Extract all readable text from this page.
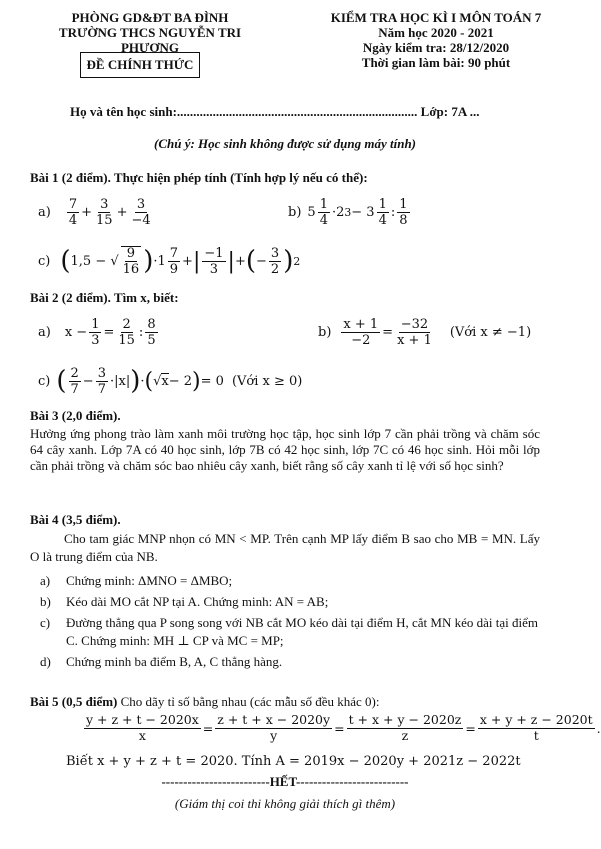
PHÒNG GD&ĐT BA ĐÌNH
TRƯỜNG THCS NGUYỄN TRI PHƯƠNG
ĐỀ CHÍNH THỨC
KIỂM TRA HỌC KÌ I MÔN TOÁN 7
Năm học 2020 - 2021
Ngày kiểm tra: 28/12/2020
Thời gian làm bài: 90 phút
Họ và tên học sinh:.......................................................................... Lớp: 7A ...
(Chú ý: Học sinh không được sử dụng máy tính)
Bài 1 (2 điểm). Thực hiện phép tính (Tính hợp lý nếu có thể):
$a) \frac{7}{4} + \frac{3}{15} + \frac{3}{-4}$	b) $5 \frac{1}{4} \cdot 2$ $3 - 3 \frac{1}{4}$ : $\frac{1}{8}$
c) ( 1,5 − √ $\frac{9}{16}$ ) $\cdot 1 \frac{7}{9}$ + | $\frac{-1}{3}$ | + ( − $\frac{3}{2}$ ) 2
Bài 2 (2 điểm). Tìm x, biết:
a) $x - \frac{1}{3} = \frac{2}{15}$ : $\frac{8}{5}$	$b) \frac{x + 1}{-2} = \frac{-32}{x + 1}$ (Với x ≠ −1)
c) ( $\frac{2}{7} - \frac{3}{7} \cdot|x|$ ) · ( √ x − 2 ) = 0 (Với x ≥ 0)
Bài 3 (2,0 điểm).
Hưởng ứng phong trào làm xanh môi trường học tập, học sinh lớp 7 cần phải trồng và chăm sóc 64 cây xanh. Lớp 7A có 40 học sinh, lớp 7B có 42 học sinh, lớp 7C có 46 học sinh. Hỏi mỗi lớp cần phải trồng và chăm sóc bao nhiêu cây xanh, biết rằng số cây xanh tỉ lệ với số học sinh?
Bài 4 (3,5 điểm).
Cho tam giác MNP nhọn có MN < MP. Trên cạnh MP lấy điểm B sao cho MB = MN. Lấy O là trung điểm của NB.
a)	Chứng minh: ΔMNO = ΔMBO;
b)	Kéo dài MO cắt NP tại A. Chứng minh: AN = AB;
c)	Đường thẳng qua P song song với NB cắt MO kéo dài tại điểm H, cắt MN kéo dài tại điểm C. Chứng minh: MH ⊥ CP và MC = MP;
d)	Chứng minh ba điểm B, A, C thẳng hàng.
Bài 5 (0,5 điểm) Cho dãy tỉ số bằng nhau (các mẫu số đều khác 0):
$\frac{y + z + t - 2020x}{x} = \frac{z + t + x - 2020y}{y} = \frac{t + x + y - 2020z}{z} = \frac{x + y + z - 2020t}{t}$ .
Biết x + y + z + t = 2020. Tính A = 2019x − 2020y + 2021z − 2022t
-------------------------HẾT--------------------------
(Giám thị coi thi không giải thích gì thêm)
